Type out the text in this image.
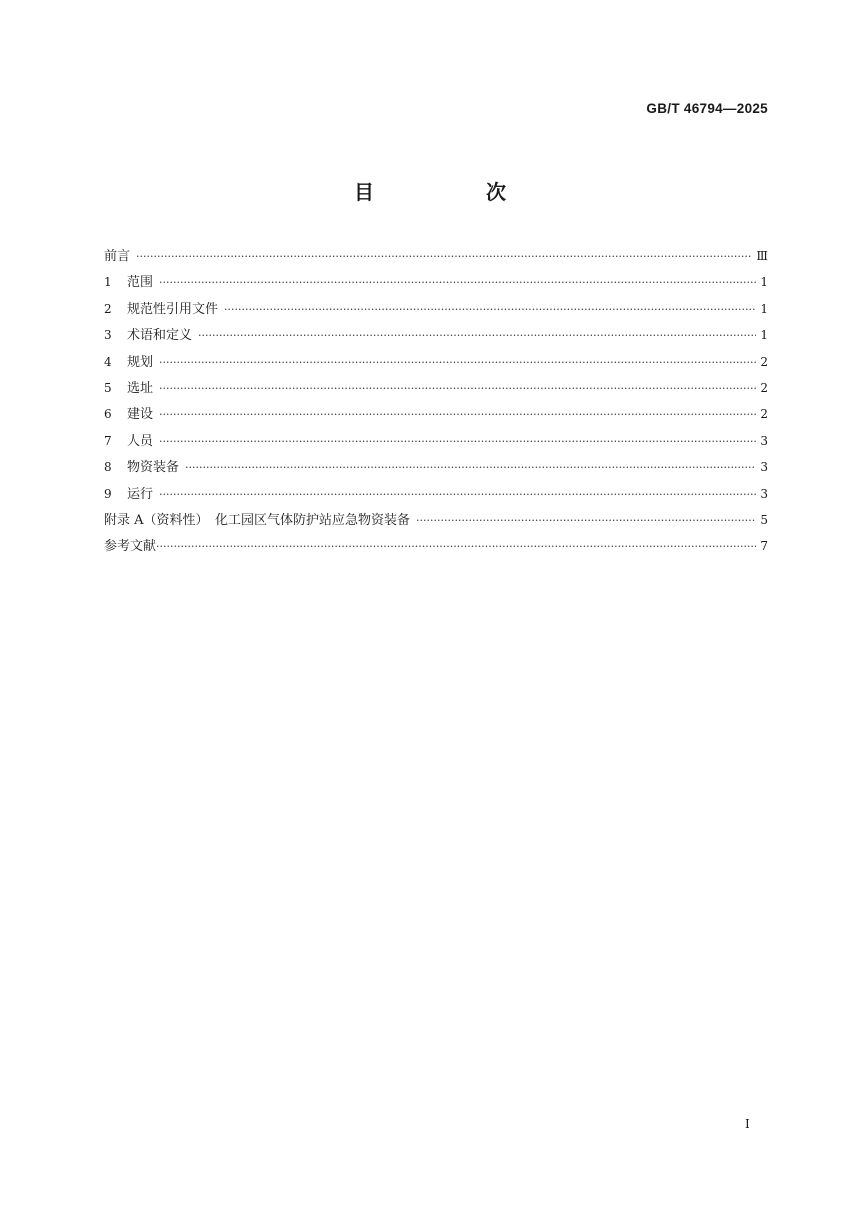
GB/T 46794—2025
目　次
前言 ·····	Ⅲ
1	范围 ·····	1
2	规范性引用文件 ·····	1
3	术语和定义 ·····	1
4	规划 ·····	2
5	选址 ·····	2
6	建设 ·····	2
7	人员 ·····	3
8	物资装备 ·····	3
9	运行 ·····	3
附录 A（资料性）　化工园区气体防护站应急物资装备 ·····	5
参考文献 ·····	7
Ⅰ
